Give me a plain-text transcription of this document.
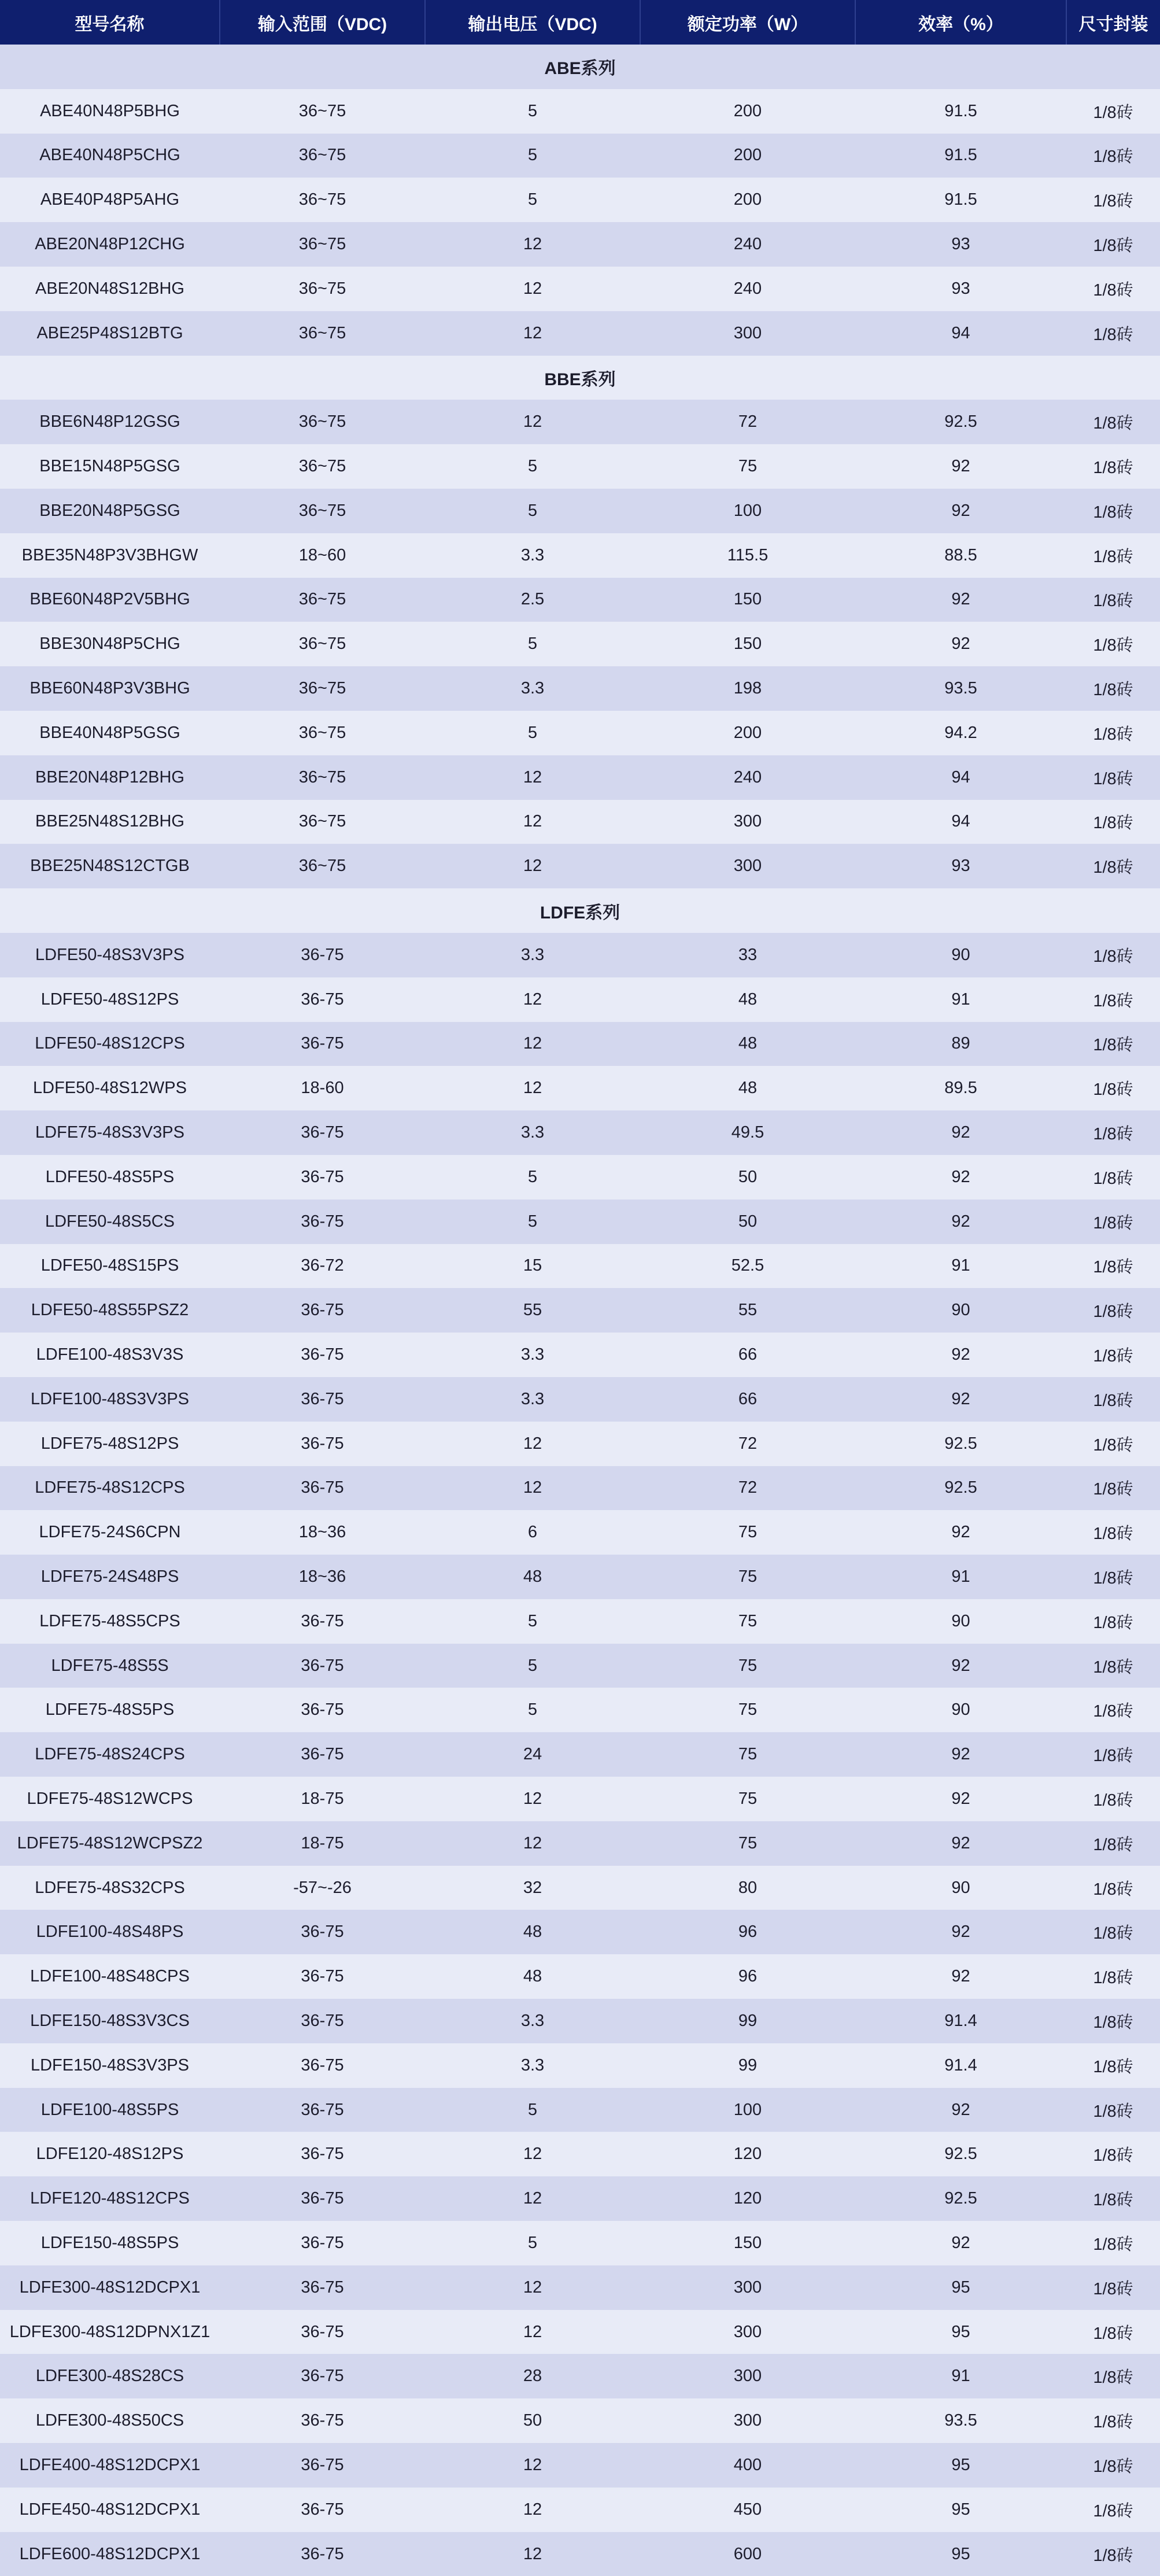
型号名称	输入范围（VDC)	输出电压（VDC)	额定功率（W）	效率（%）	尺寸封装
ABE系列					
ABE40N48P5BHG	36~75	5	200	91.5	1/8砖
ABE40N48P5CHG	36~75	5	200	91.5	1/8砖
ABE40P48P5AHG	36~75	5	200	91.5	1/8砖
ABE20N48P12CHG	36~75	12	240	93	1/8砖
ABE20N48S12BHG	36~75	12	240	93	1/8砖
ABE25P48S12BTG	36~75	12	300	94	1/8砖
BBE系列					
BBE6N48P12GSG	36~75	12	72	92.5	1/8砖
BBE15N48P5GSG	36~75	5	75	92	1/8砖
BBE20N48P5GSG	36~75	5	100	92	1/8砖
BBE35N48P3V3BHGW	18~60	3.3	115.5	88.5	1/8砖
BBE60N48P2V5BHG	36~75	2.5	150	92	1/8砖
BBE30N48P5CHG	36~75	5	150	92	1/8砖
BBE60N48P3V3BHG	36~75	3.3	198	93.5	1/8砖
BBE40N48P5GSG	36~75	5	200	94.2	1/8砖
BBE20N48P12BHG	36~75	12	240	94	1/8砖
BBE25N48S12BHG	36~75	12	300	94	1/8砖
BBE25N48S12CTGB	36~75	12	300	93	1/8砖
LDFE系列					
LDFE50-48S3V3PS	36-75	3.3	33	90	1/8砖
LDFE50-48S12PS	36-75	12	48	91	1/8砖
LDFE50-48S12CPS	36-75	12	48	89	1/8砖
LDFE50-48S12WPS	18-60	12	48	89.5	1/8砖
LDFE75-48S3V3PS	36-75	3.3	49.5	92	1/8砖
LDFE50-48S5PS	36-75	5	50	92	1/8砖
LDFE50-48S5CS	36-75	5	50	92	1/8砖
LDFE50-48S15PS	36-72	15	52.5	91	1/8砖
LDFE50-48S55PSZ2	36-75	55	55	90	1/8砖
LDFE100-48S3V3S	36-75	3.3	66	92	1/8砖
LDFE100-48S3V3PS	36-75	3.3	66	92	1/8砖
LDFE75-48S12PS	36-75	12	72	92.5	1/8砖
LDFE75-48S12CPS	36-75	12	72	92.5	1/8砖
LDFE75-24S6CPN	18~36	6	75	92	1/8砖
LDFE75-24S48PS	18~36	48	75	91	1/8砖
LDFE75-48S5CPS	36-75	5	75	90	1/8砖
LDFE75-48S5S	36-75	5	75	92	1/8砖
LDFE75-48S5PS	36-75	5	75	90	1/8砖
LDFE75-48S24CPS	36-75	24	75	92	1/8砖
LDFE75-48S12WCPS	18-75	12	75	92	1/8砖
LDFE75-48S12WCPSZ2	18-75	12	75	92	1/8砖
LDFE75-48S32CPS	-57~-26	32	80	90	1/8砖
LDFE100-48S48PS	36-75	48	96	92	1/8砖
LDFE100-48S48CPS	36-75	48	96	92	1/8砖
LDFE150-48S3V3CS	36-75	3.3	99	91.4	1/8砖
LDFE150-48S3V3PS	36-75	3.3	99	91.4	1/8砖
LDFE100-48S5PS	36-75	5	100	92	1/8砖
LDFE120-48S12PS	36-75	12	120	92.5	1/8砖
LDFE120-48S12CPS	36-75	12	120	92.5	1/8砖
LDFE150-48S5PS	36-75	5	150	92	1/8砖
LDFE300-48S12DCPX1	36-75	12	300	95	1/8砖
LDFE300-48S12DPNX1Z1	36-75	12	300	95	1/8砖
LDFE300-48S28CS	36-75	28	300	91	1/8砖
LDFE300-48S50CS	36-75	50	300	93.5	1/8砖
LDFE400-48S12DCPX1	36-75	12	400	95	1/8砖
LDFE450-48S12DCPX1	36-75	12	450	95	1/8砖
LDFE600-48S12DCPX1	36-75	12	600	95	1/8砖
